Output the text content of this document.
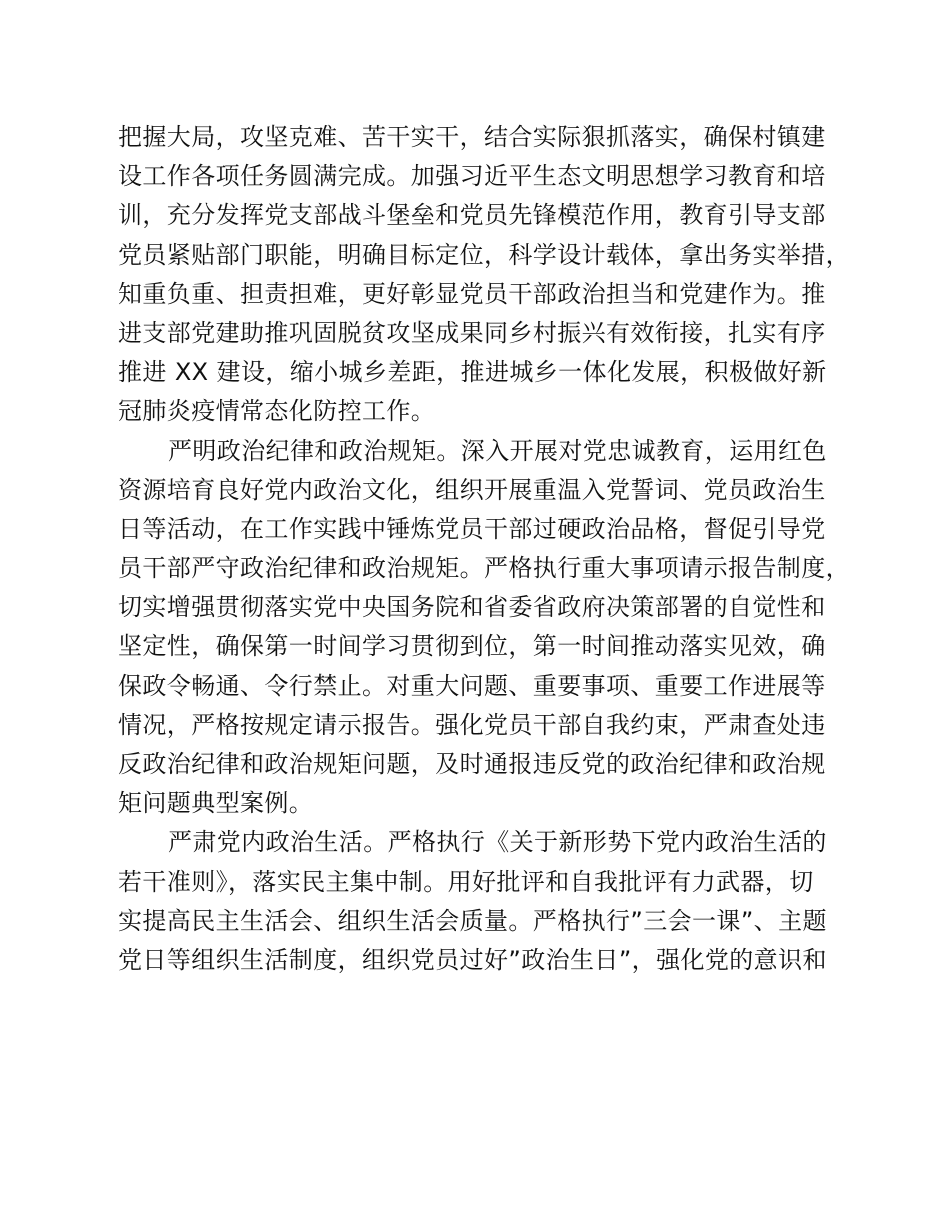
把握大局，攻坚克难、苦干实干，结合实际狠抓落实，确保村镇建
设工作各项任务圆满完成。加强习近平生态文明思想学习教育和培
训，充分发挥党支部战斗堡垒和党员先锋模范作用，教育引导支部
党员紧贴部门职能，明确目标定位，科学设计载体，拿出务实举措，
知重负重、担责担难，更好彰显党员干部政治担当和党建作为。推
进支部党建助推巩固脱贫攻坚成果同乡村振兴有效衔接，扎实有序
推进 XX 建设，缩小城乡差距，推进城乡一体化发展，积极做好新
冠肺炎疫情常态化防控工作。
严明政治纪律和政治规矩。深入开展对党忠诚教育，运用红色
资源培育良好党内政治文化，组织开展重温入党誓词、党员政治生
日等活动，在工作实践中锤炼党员干部过硬政治品格，督促引导党
员干部严守政治纪律和政治规矩。严格执行重大事项请示报告制度，
切实增强贯彻落实党中央国务院和省委省政府决策部署的自觉性和
坚定性，确保第一时间学习贯彻到位，第一时间推动落实见效，确
保政令畅通、令行禁止。对重大问题、重要事项、重要工作进展等
情况，严格按规定请示报告。强化党员干部自我约束，严肃查处违
反政治纪律和政治规矩问题，及时通报违反党的政治纪律和政治规
矩问题典型案例。
严肃党内政治生活。严格执行《关于新形势下党内政治生活的
若干准则》，落实民主集中制。用好批评和自我批评有力武器，切
实提高民主生活会、组织生活会质量。严格执行”三会一课”、主题
党日等组织生活制度，组织党员过好”政治生日”，强化党的意识和
